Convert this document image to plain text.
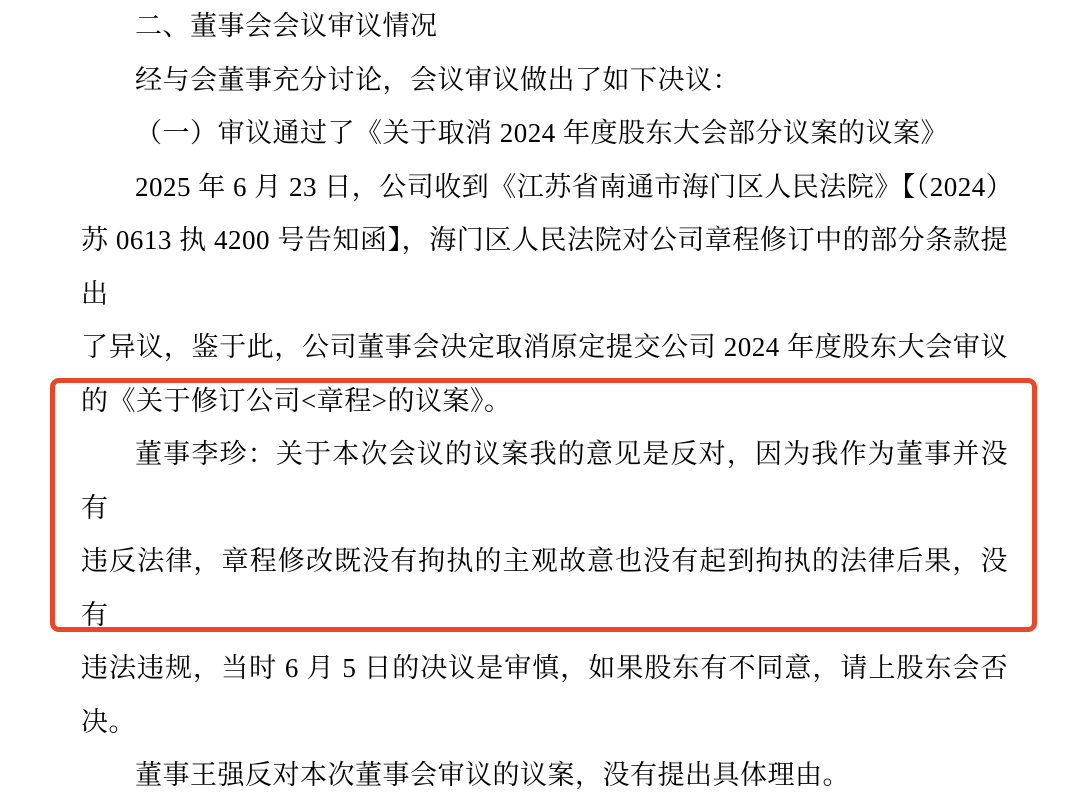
二、董事会会议审议情况
经与会董事充分讨论，会议审议做出了如下决议：
（一）审议通过了《关于取消 2024 年度股东大会部分议案的议案》
2025 年 6 月 23 日，公司收到《江苏省南通市海门区人民法院》【（2024）
苏 0613 执 4200 号告知函】，海门区人民法院对公司章程修订中的部分条款提出
了异议，鉴于此，公司董事会决定取消原定提交公司 2024 年度股东大会审议
的《关于修订公司<章程>的议案》。
董事李珍：关于本次会议的议案我的意见是反对，因为我作为董事并没有
违反法律，章程修改既没有拘执的主观故意也没有起到拘执的法律后果，没有
违法违规，当时 6 月 5 日的决议是审慎，如果股东有不同意，请上股东会否
决。
董事王强反对本次董事会审议的议案，没有提出具体理由。
